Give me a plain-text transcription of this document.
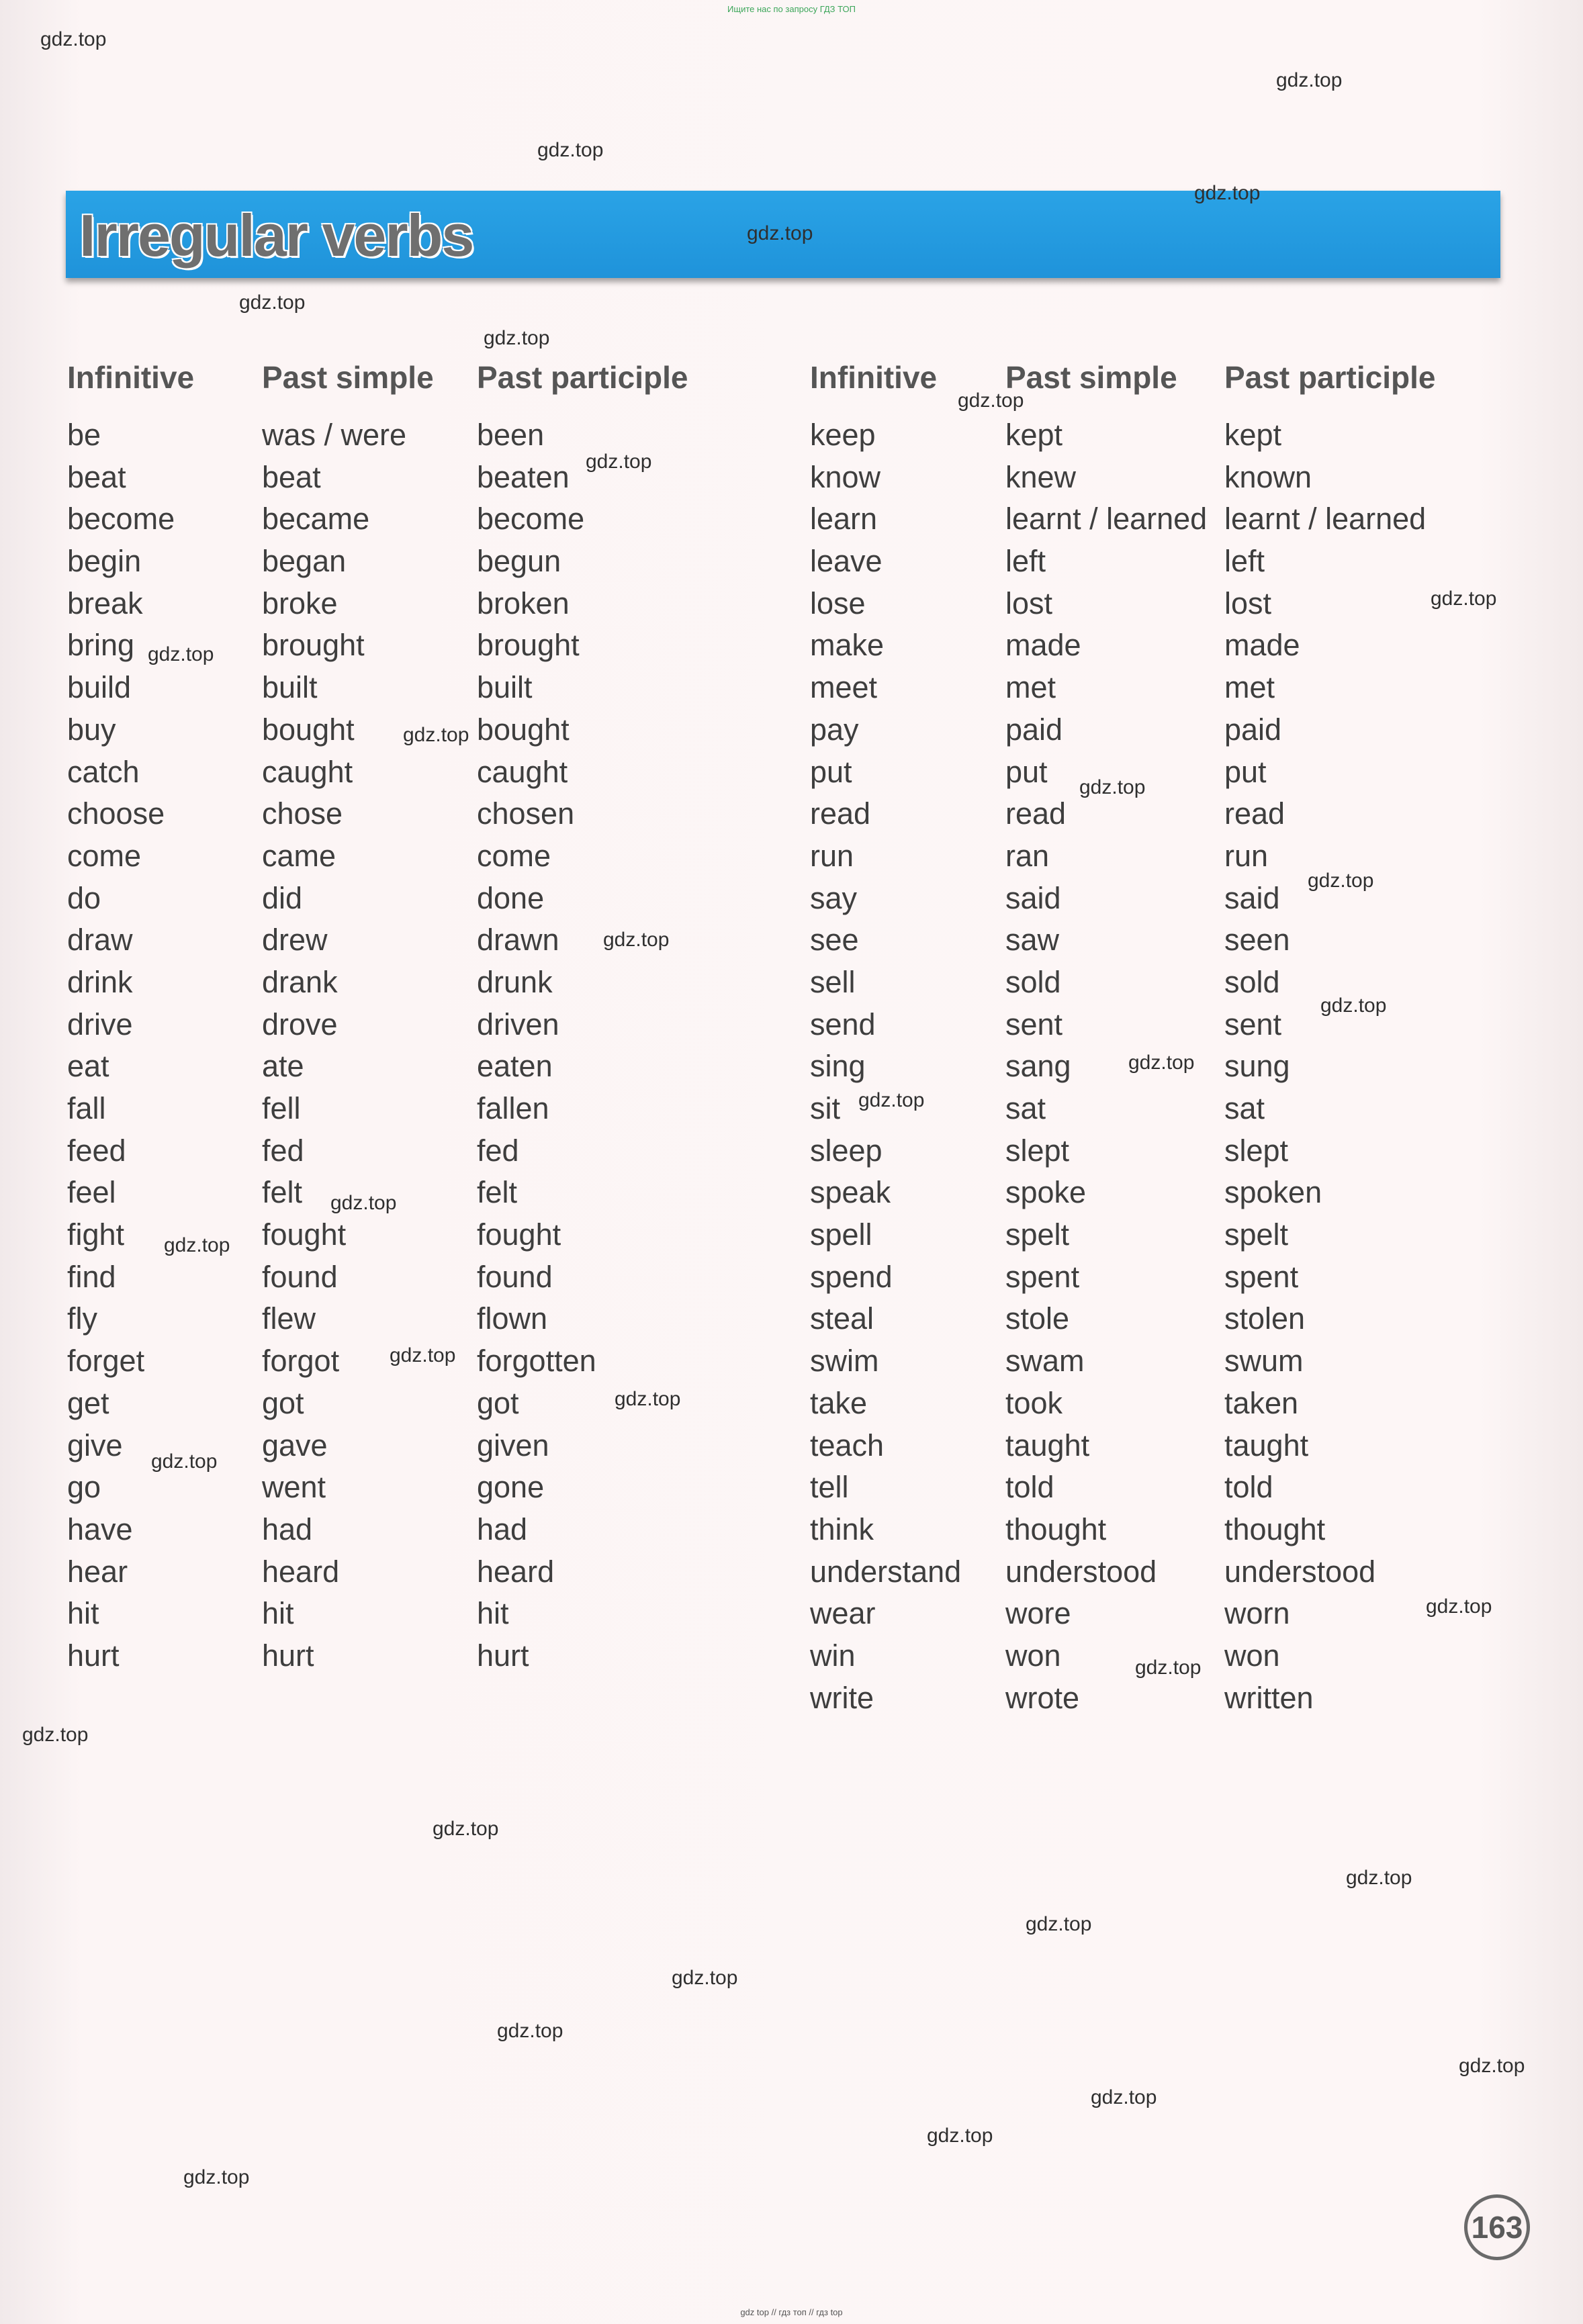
Ищите нас по запросу ГДЗ ТОП
Irregular verbs
Infinitive
be
beat
become
begin
break
bring
build
buy
catch
choose
come
do
draw
drink
drive
eat
fall
feed
feel
fight
find
fly
forget
get
give
go
have
hear
hit
hurt
Past simple
was / were
beat
became
began
broke
brought
built
bought
caught
chose
came
did
drew
drank
drove
ate
fell
fed
felt
fought
found
flew
forgot
got
gave
went
had
heard
hit
hurt
Past participle
been
beaten
become
begun
broken
brought
built
bought
caught
chosen
come
done
drawn
drunk
driven
eaten
fallen
fed
felt
fought
found
flown
forgotten
got
given
gone
had
heard
hit
hurt
Infinitive
keep
know
learn
leave
lose
make
meet
pay
put
read
run
say
see
sell
send
sing
sit
sleep
speak
spell
spend
steal
swim
take
teach
tell
think
understand
wear
win
write
Past simple
kept
knew
learnt / learned
left
lost
made
met
paid
put
read
ran
said
saw
sold
sent
sang
sat
slept
spoke
spelt
spent
stole
swam
took
taught
told
thought
understood
wore
won
wrote
Past participle
kept
known
learnt / learned
left
lost
made
met
paid
put
read
run
said
seen
sold
sent
sung
sat
slept
spoken
spelt
spent
stolen
swum
taken
taught
told
thought
understood
worn
won
written
gdz.top
gdz.top
gdz.top
gdz.top
gdz.top
gdz.top
gdz.top
gdz.top
gdz.top
gdz.top
gdz.top
gdz.top
gdz.top
gdz.top
gdz.top
gdz.top
gdz.top
gdz.top
gdz.top
gdz.top
gdz.top
gdz.top
gdz.top
gdz.top
gdz.top
gdz.top
gdz.top
gdz.top
gdz.top
gdz.top
gdz.top
gdz.top
gdz.top
gdz.top
gdz.top
163
gdz top // гдз топ // гдз top
